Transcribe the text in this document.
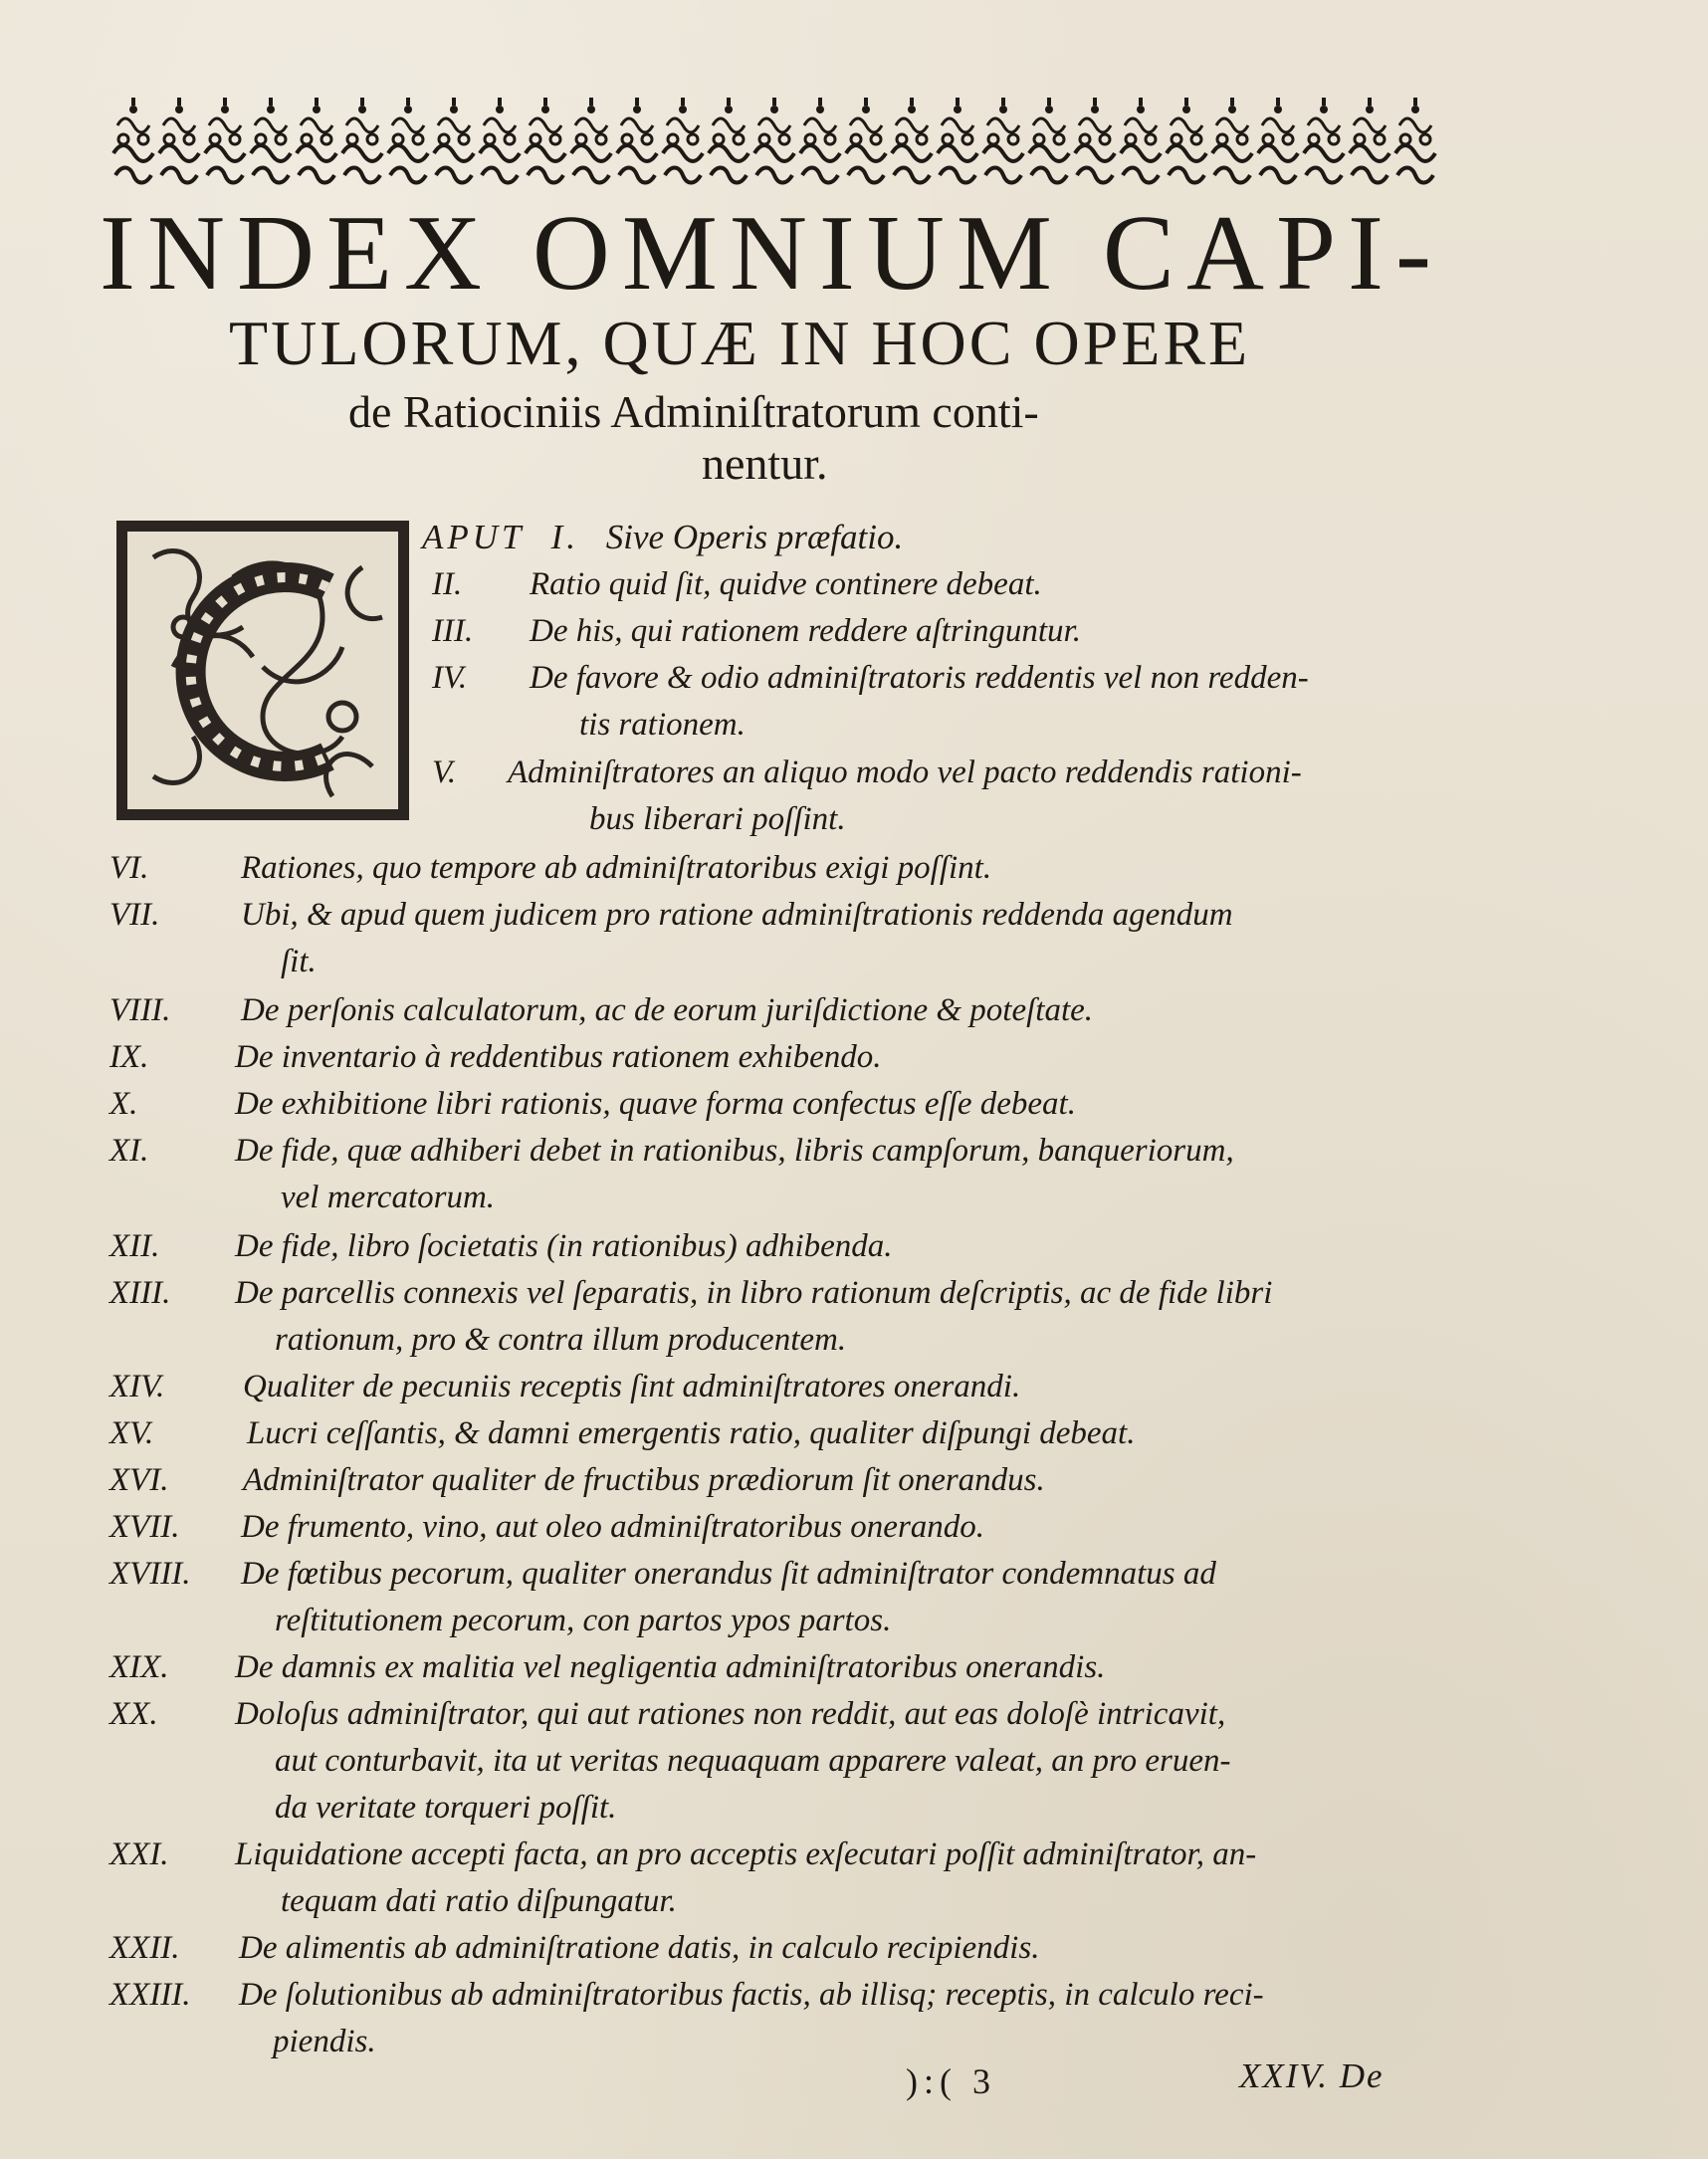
INDEX OMNIUM CAPI-
TULORUM, QUÆ IN HOC OPERE
de Ratiociniis Adminiſtratorum conti-
nentur.
APUT I. Sive Operis præfatio.
II. Ratio quid ſit, quidve continere debeat.
III. De his, qui rationem reddere aſtringuntur.
IV. De favore & odio adminiſtratoris reddentis vel non redden-
tis rationem.
V. Adminiſtratores an aliquo modo vel pacto reddendis rationi-
bus liberari poſſint.
VI.	Rationes, quo tempore ab adminiſtratoribus exigi poſſint.
VII. Ubi, & apud quem judicem pro ratione adminiſtrationis reddenda agendum
ſit.
VIII. De perſonis calculatorum, ac de eorum juriſdictione & poteſtate.
IX.	De inventario à reddentibus rationem exhibendo.
X.	De exhibitione libri rationis, quave forma confectus eſſe debeat.
XI.	De fide, quæ adhiberi debet in rationibus, libris campſorum, banqueriorum,
vel mercatorum.
XII. De fide, libro ſocietatis (in rationibus) adhibenda.
XIII. De parcellis connexis vel ſeparatis, in libro rationum deſcriptis, ac de fide libri
rationum, pro & contra illum producentem.
XIV. Qualiter de pecuniis receptis ſint adminiſtratores onerandi.
XV.	Lucri ceſſantis, & damni emergentis ratio, qualiter diſpungi debeat.
XVI. Adminiſtrator qualiter de fructibus prædiorum ſit onerandus.
XVII. De frumento, vino, aut oleo adminiſtratoribus onerando.
XVIII. De fœtibus pecorum, qualiter onerandus ſit adminiſtrator condemnatus ad
reſtitutionem pecorum, con partos ypos partos.
XIX. De damnis ex malitia vel negligentia adminiſtratoribus onerandis.
XX. Doloſus adminiſtrator, qui aut rationes non reddit, aut eas doloſè intricavit,
aut conturbavit, ita ut veritas nequaquam apparere valeat, an pro eruen-
da veritate torqueri poſſit.
XXI. Liquidatione accepti facta, an pro acceptis exſecutari poſſit adminiſtrator, an-
tequam dati ratio diſpungatur.
XXII. De alimentis ab adminiſtratione datis, in calculo recipiendis.
XXIII. De ſolutionibus ab adminiſtratoribus factis, ab illisq; receptis, in calculo reci-
piendis.
):( 3	XXIV. De
